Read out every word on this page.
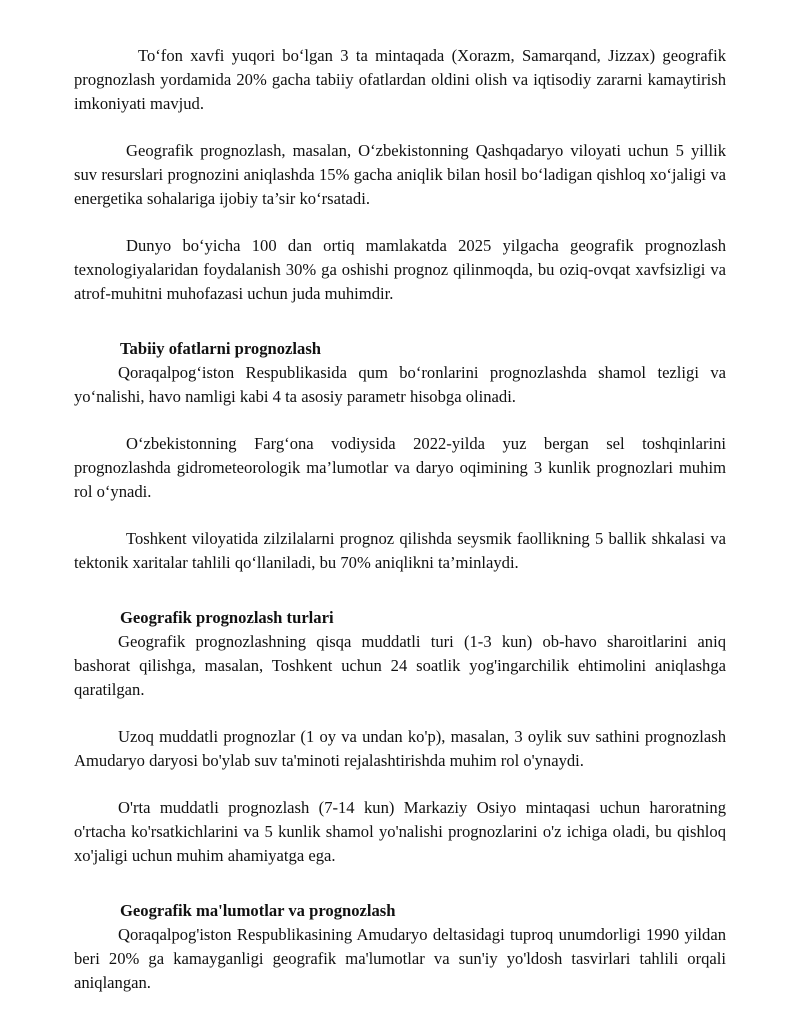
To‘fon xavfi yuqori bo‘lgan 3 ta mintaqada (Xorazm, Samarqand, Jizzax) geografik prognozlash yordamida 20% gacha tabiiy ofatlardan oldini olish va iqtisodiy zararni kamaytirish imkoniyati mavjud.

Geografik prognozlash, masalan, O‘zbekistonning Qashqadaryo viloyati uchun 5 yillik suv resurslari prognozini aniqlashda 15% gacha aniqlik bilan hosil bo‘ladigan qishloq xo‘jaligi va energetika sohalariga ijobiy ta’sir ko‘rsatadi.

Dunyo bo‘yicha 100 dan ortiq mamlakatda 2025 yilgacha geografik prognozlash texnologiyalaridan foydalanish 30% ga oshishi prognoz qilinmoqda, bu oziq-ovqat xavfsizligi va atrof-muhitni muhofazasi uchun juda muhimdir.

Tabiiy ofatlarni prognozlash

Qoraqalpog‘iston Respublikasida qum bo‘ronlarini prognozlashda shamol tezligi va yo‘nalishi, havo namligi kabi 4 ta asosiy parametr hisobga olinadi.

O‘zbekistonning Farg‘ona vodiysida 2022-yilda yuz bergan sel toshqinlarini prognozlashda gidrometeorologik ma’lumotlar va daryo oqimining 3 kunlik prognozlari muhim rol o‘ynadi.

Toshkent viloyatida zilzilalarni prognoz qilishda seysmik faollikning 5 ballik shkalasi va tektonik xaritalar tahlili qo‘llaniladi, bu 70% aniqlikni ta’minlaydi.

Geografik prognozlash turlari

Geografik prognozlashning qisqa muddatli turi (1-3 kun) ob-havo sharoitlarini aniq bashorat qilishga, masalan, Toshkent uchun 24 soatlik yog'ingarchilik ehtimolini aniqlashga qaratilgan.

Uzoq muddatli prognozlar (1 oy va undan ko'p), masalan, 3 oylik suv sathini prognozlash Amudaryo daryosi bo'ylab suv ta'minoti rejalashtirishda muhim rol o'ynaydi.

O'rta muddatli prognozlash (7-14 kun) Markaziy Osiyo mintaqasi uchun haroratning o'rtacha ko'rsatkichlarini va 5 kunlik shamol yo'nalishi prognozlarini o'z ichiga oladi, bu qishloq xo'jaligi uchun muhim ahamiyatga ega.

Geografik ma'lumotlar va prognozlash

Qoraqalpog'iston Respublikasining Amudaryo deltasidagi tuproq unumdorligi 1990 yildan beri 20% ga kamayganligi geografik ma'lumotlar va sun'iy yo'ldosh tasvirlari tahlili orqali aniqlangan.
